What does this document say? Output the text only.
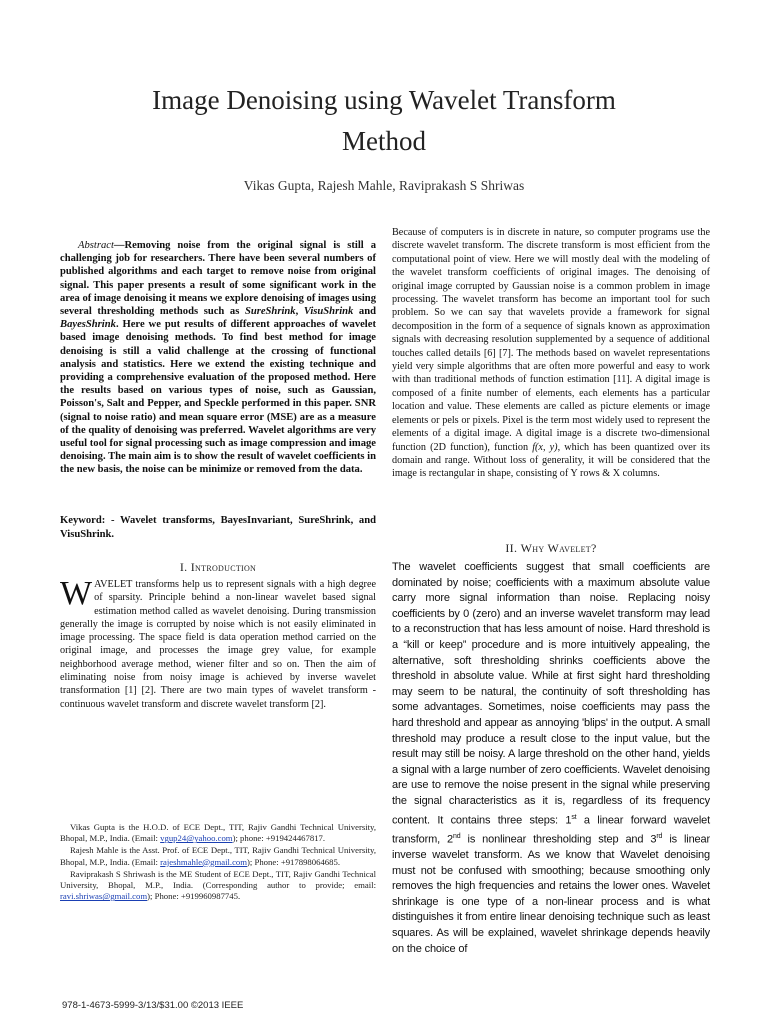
Image Denoising using Wavelet Transform
Method
Vikas Gupta, Rajesh Mahle, Raviprakash S Shriwas

Abstract—Removing noise from the original signal is still a challenging job for researchers. There have been several numbers of published algorithms and each target to remove noise from original signal. This paper presents a result of some significant work in the area of image denoising it means we explore denoising of images using several thresholding methods such as SureShrink, VisuShrink and BayesShrink. Here we put results of different approaches of wavelet based image denoising methods. To find best method for image denoising is still a valid challenge at the crossing of functional analysis and statistics. Here we extend the existing technique and providing a comprehensive evaluation of the proposed method. Here the results based on various types of noise, such as Gaussian, Poisson's, Salt and Pepper, and Speckle performed in this paper. SNR (signal to noise ratio) and mean square error (MSE) are as a measure of the quality of denoising was preferred. Wavelet algorithms are very useful tool for signal processing such as image compression and image denoising. The main aim is to show the result of wavelet coefficients in the new basis, the noise can be minimize or removed from the data.

Keyword: - Wavelet transforms, BayesInvariant, SureShrink, and VisuShrink.
I. Introduction
WAVELET transforms help us to represent signals with a high degree of sparsity. Principle behind a non-linear wavelet based signal estimation method called as wavelet denoising. During transmission generally the image is corrupted by noise which is not easily eliminated in image processing. The space field is data operation method carried on the original image, and processes the image grey value, for example neighborhood average method, wiener filter and so on. Then the aim of eliminating noise from noisy image is achieved by inverse wavelet transformation [1] [2]. There are two main types of wavelet transform - continuous wavelet transform and discrete wavelet transform [2].

Vikas Gupta is the H.O.D. of ECE Dept., TIT, Rajiv Gandhi Technical University, Bhopal, M.P., India. (Email: vgup24@yahoo.com); phone: +919424467817.

Rajesh Mahle is the Asst. Prof. of ECE Dept., TIT, Rajiv Gandhi Technical University, Bhopal, M.P., India. (Email: rajeshmahle@gmail.com); Phone: +917898064685.

Raviprakash S Shriwash is the ME Student of ECE Dept., TIT, Rajiv Gandhi Technical University, Bhopal, M.P., India. (Corresponding author to provide; email: ravi.shriwas@gmail.com); Phone: +919960987745.

978-1-4673-5999-3/13/$31.00 ©2013 IEEE
Because of computers is in discrete in nature, so computer programs use the discrete wavelet transform. The discrete transform is most efficient from the computational point of view. Here we will mostly deal with the modeling of the wavelet transform coefficients of original images. The denoising of original image corrupted by Gaussian noise is a common problem in image processing. The wavelet transform has become an important tool for such problem. So we can say that wavelets provide a framework for signal decomposition in the form of a sequence of signals known as approximation signals with decreasing resolution supplemented by a sequence of additional touches called details [6] [7]. The methods based on wavelet representations yield very simple algorithms that are often more powerful and easy to work with than traditional methods of function estimation [11]. A digital image is composed of a finite number of elements, each elements has a particular location and value. These elements are called as picture elements or image elements or pels or pixels. Pixel is the term most widely used to represent the elements of a digital image. A digital image is a discrete two-dimensional function (2D function), function f(x, y), which has been quantized over its domain and range. Without loss of generality, it will be considered that the image is rectangular in shape, consisting of Y rows & X columns.
II. Why Wavelet?
The wavelet coefficients suggest that small coefficients are dominated by noise; coefficients with a maximum absolute value carry more signal information than noise. Replacing noisy coefficients by 0 (zero) and an inverse wavelet transform may lead to a reconstruction that has less amount of noise. Hard threshold is a “kill or keep” procedure and is more intuitively appealing, the alternative, soft thresholding shrinks coefficients above the threshold in absolute value. While at first sight hard thresholding may seem to be natural, the continuity of soft thresholding has some advantages. Sometimes, noise coefficients may pass the hard threshold and appear as annoying 'blips' in the output. A small threshold may produce a result close to the input value, but the result may still be noisy. A large threshold on the other hand, yields a signal with a large number of zero coefficients. Wavelet denoising are use to remove the noise present in the signal while preserving the signal characteristics as it is, regardless of its frequency content. It contains three steps: 1st a linear forward wavelet transform, 2nd is nonlinear thresholding step and 3rd is linear inverse wavelet transform. As we know that Wavelet denoising must not be confused with smoothing; because smoothing only removes the high frequencies and retains the lower ones. Wavelet shrinkage is one type of a non-linear process and is what distinguishes it from entire linear denoising technique such as least squares. As will be explained, wavelet shrinkage depends heavily on the choice of
